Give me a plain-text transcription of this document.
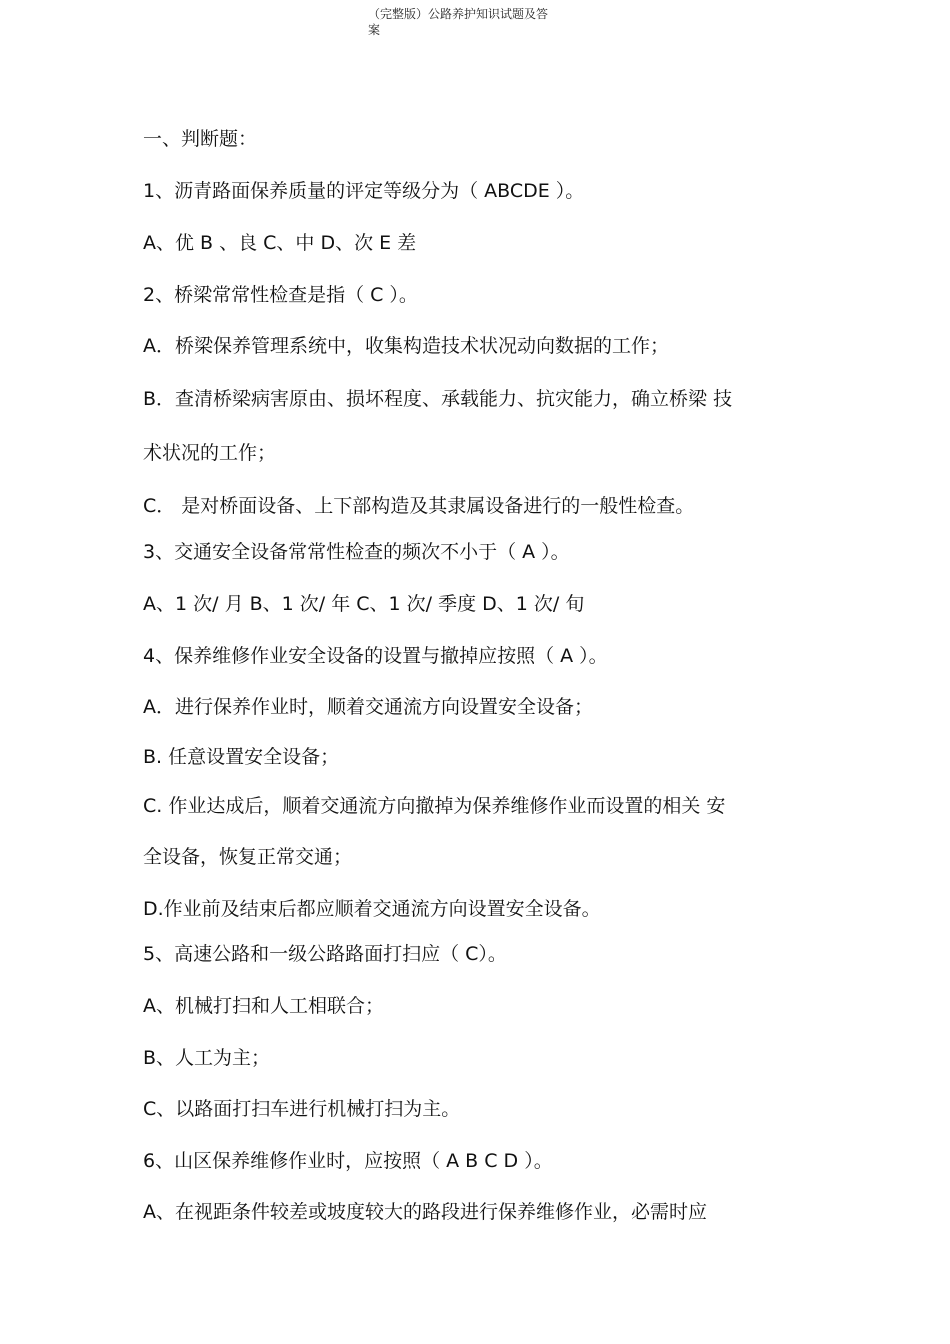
（完整版）公路养护知识试题及答
案
一、判断题：
1、沥青路面保养质量的评定等级分为（ ABCDE ）。
A、优 B 、良 C、中 D、次 E 差
2、桥梁常常性检查是指（ C ）。
A．桥梁保养管理系统中，收集构造技术状况动向数据的工作；
B．查清桥梁病害原由、损坏程度、承载能力、抗灾能力，确立桥梁 技
术状况的工作；
C． 是对桥面设备、上下部构造及其隶属设备进行的一般性检查。
3、交通安全设备常常性检查的频次不小于（ A ）。
A、1 次/ 月 B、1 次/ 年 C、1 次/ 季度 D、1 次/ 旬
4、保养维修作业安全设备的设置与撤掉应按照（ A ）。
A．进行保养作业时，顺着交通流方向设置安全设备；
B. 任意设置安全设备；
C. 作业达成后，顺着交通流方向撤掉为保养维修作业而设置的相关 安
全设备，恢复正常交通；
D.作业前及结束后都应顺着交通流方向设置安全设备。
5、高速公路和一级公路路面打扫应（ C）。
A、机械打扫和人工相联合；
B、人工为主；
C、以路面打扫车进行机械打扫为主。
6、山区保养维修作业时，应按照（ A B C D ）。
A、在视距条件较差或坡度较大的路段进行保养维修作业，必需时应
